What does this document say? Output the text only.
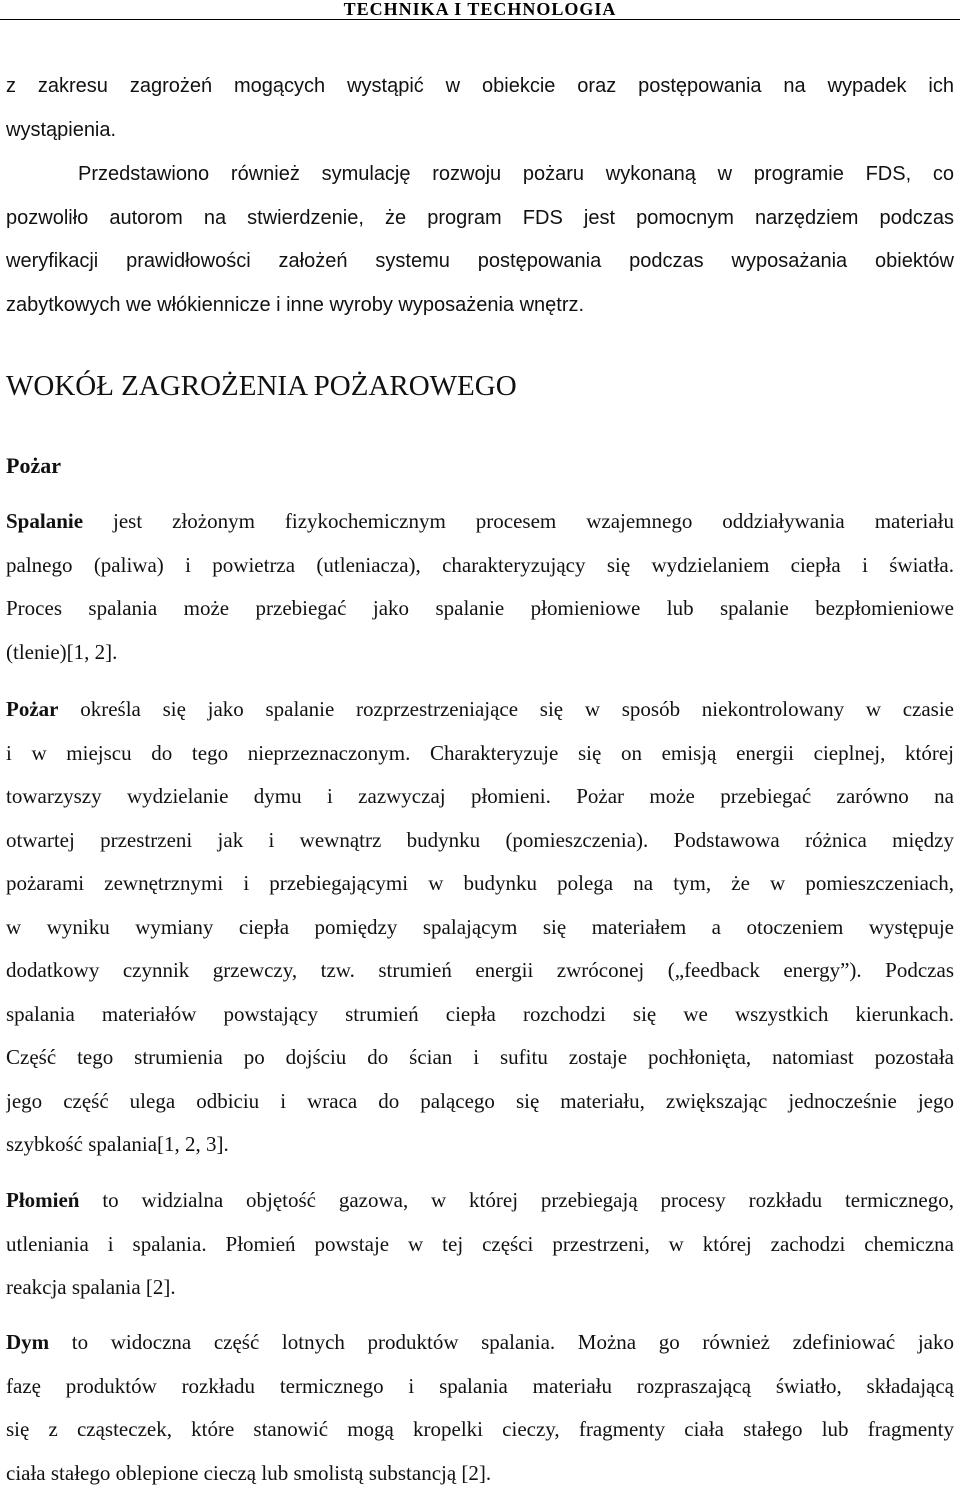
TECHNIKA I TECHNOLOGIA
z zakresu zagrożeń mogących wystąpić w obiekcie oraz postępowania na wypadek ich
wystąpienia.
Przedstawiono również symulację rozwoju pożaru wykonaną w programie FDS, co
pozwoliło autorom na stwierdzenie, że program FDS jest pomocnym narzędziem podczas
weryfikacji prawidłowości założeń systemu postępowania podczas wyposażania obiektów
zabytkowych we włókiennicze i inne wyroby wyposażenia wnętrz.
WOKÓŁ ZAGROŻENIA POŻAROWEGO
Pożar
Spalanie jest złożonym fizykochemicznym procesem wzajemnego oddziaływania materiału
palnego (paliwa) i powietrza (utleniacza), charakteryzujący się wydzielaniem ciepła i światła.
Proces spalania może przebiegać jako spalanie płomieniowe lub spalanie bezpłomieniowe
(tlenie)[1, 2].
Pożar określa się jako spalanie rozprzestrzeniające się w sposób niekontrolowany w czasie
i w miejscu do tego nieprzeznaczonym. Charakteryzuje się on emisją energii cieplnej, której
towarzyszy wydzielanie dymu i zazwyczaj płomieni. Pożar może przebiegać zarówno na
otwartej przestrzeni jak i wewnątrz budynku (pomieszczenia). Podstawowa różnica między
pożarami zewnętrznymi i przebiegającymi w budynku polega na tym, że w pomieszczeniach,
w wyniku wymiany ciepła pomiędzy spalającym się materiałem a otoczeniem występuje
dodatkowy czynnik grzewczy, tzw. strumień energii zwróconej („feedback energy”). Podczas
spalania materiałów powstający strumień ciepła rozchodzi się we wszystkich kierunkach.
Część tego strumienia po dojściu do ścian i sufitu zostaje pochłonięta, natomiast pozostała
jego część ulega odbiciu i wraca do palącego się materiału, zwiększając jednocześnie jego
szybkość spalania[1, 2, 3].
Płomień to widzialna objętość gazowa, w której przebiegają procesy rozkładu termicznego,
utleniania i spalania. Płomień powstaje w tej części przestrzeni, w której zachodzi chemiczna
reakcja spalania [2].
Dym to widoczna część lotnych produktów spalania. Można go również zdefiniować jako
fazę produktów rozkładu termicznego i spalania materiału rozpraszającą światło, składającą
się z cząsteczek, które stanowić mogą kropelki cieczy, fragmenty ciała stałego lub fragmenty
ciała stałego oblepione cieczą lub smolistą substancją [2].
